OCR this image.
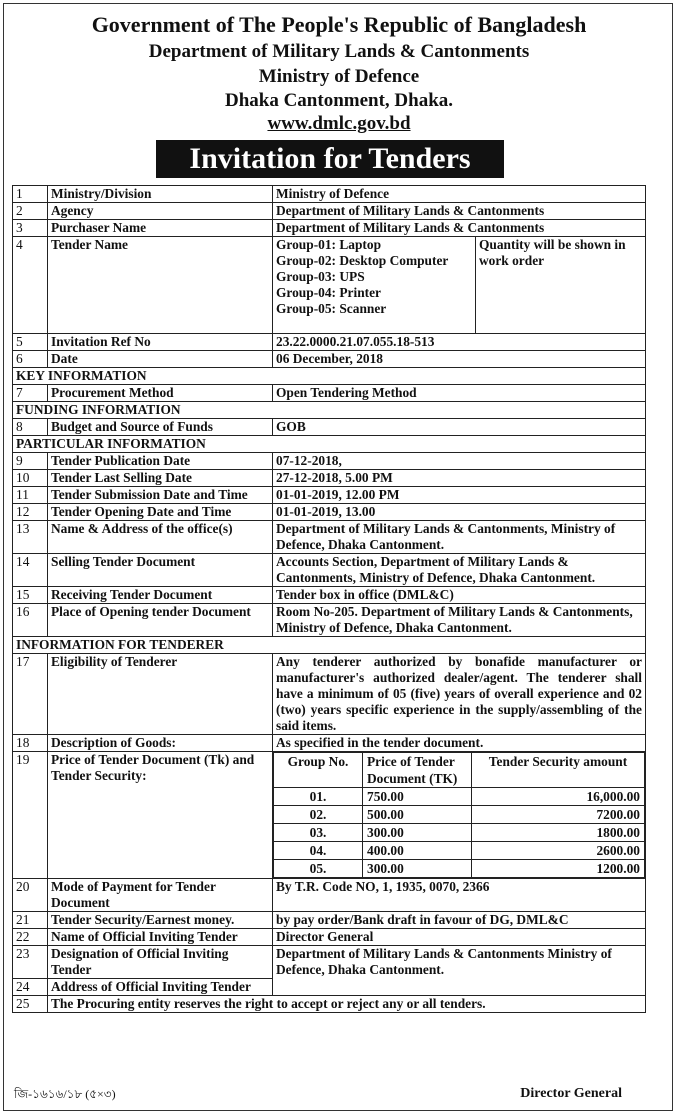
Government of The People's Republic of Bangladesh
Department of Military Lands & Cantonments
Ministry of Defence
Dhaka Cantonment, Dhaka.
www.dmlc.gov.bd
Invitation for Tenders
1	Ministry/Division	Ministry of Defence
2	Agency	Department of Military Lands & Cantonments
3	Purchaser Name	Department of Military Lands & Cantonments
4	Tender Name	Group-01: Laptop
Group-02: Desktop Computer
Group-03: UPS
Group-04: Printer
Group-05: Scanner
	Quantity will be shown in work order
5	Invitation Ref No	23.22.0000.21.07.055.18-513
6	Date	06 December, 2018
KEY INFORMATION
7	Procurement Method	Open Tendering Method
FUNDING INFORMATION
8	Budget and Source of Funds	GOB
PARTICULAR INFORMATION
9	Tender Publication Date	07-12-2018,
10	Tender Last Selling Date	27-12-2018, 5.00 PM
11	Tender Submission Date and Time	01-01-2019, 12.00 PM
12	Tender Opening Date and Time	01-01-2019, 13.00
13	Name & Address of the office(s)	Department of Military Lands & Cantonments, Ministry of Defence, Dhaka Cantonment.
14	Selling Tender Document	Accounts Section, Department of Military Lands & Cantonments, Ministry of Defence, Dhaka Cantonment.
15	Receiving Tender Document	Tender box in office (DML&C)
16	Place of Opening tender Document	Room No-205. Department of Military Lands & Cantonments, Ministry of Defence, Dhaka Cantonment.
INFORMATION FOR TENDERER
17	Eligibility of Tenderer	Any tenderer authorized by bonafide manufacturer or manufacturer's authorized dealer/agent. The tenderer shall have a minimum of 05 (five) years of overall experience and 02 (two) years specific experience in the supply/assembling of the said items.
18	Description of Goods:	As specified in the tender document.
19	Price of Tender Document (Tk) and Tender Security:	
Group No.	Price of Tender Document (TK)	Tender Security amount
01.	750.00	16,000.00
02.	500.00	7200.00
03.	300.00	1800.00
04.	400.00	2600.00
05.	300.00	1200.00

20	Mode of Payment for Tender Document	By T.R. Code NO, 1, 1935, 0070, 2366
21	Tender Security/Earnest money.	by pay order/Bank draft in favour of DG, DML&C
22	Name of Official Inviting Tender	Director General
23	Designation of Official Inviting Tender	Department of Military Lands & Cantonments Ministry of Defence, Dhaka Cantonment.
24	Address of Official Inviting Tender
25	The Procuring entity reserves the right to accept or reject any or all tenders.
জি-১৬১৬/১৮ (৫×৩)	Director General
